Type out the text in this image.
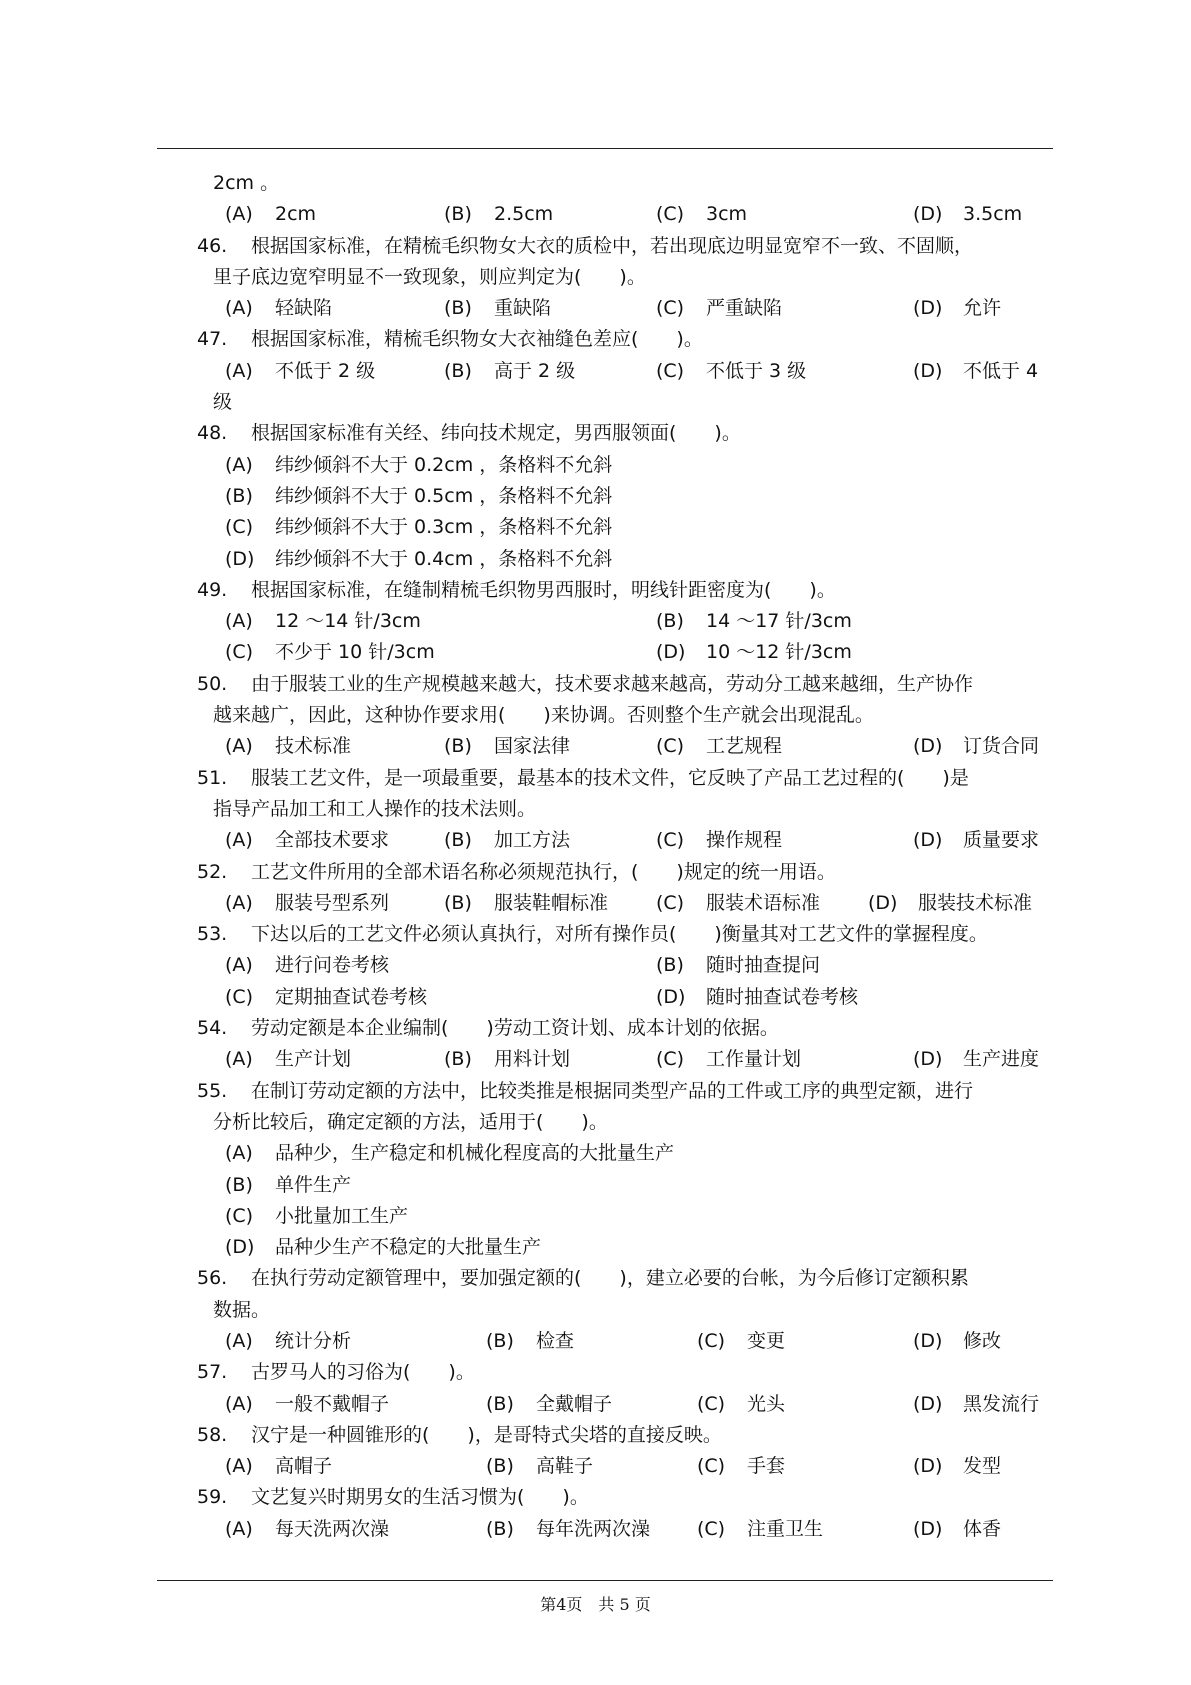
2cm 。
(A) 2cm	(B) 2.5cm	(C) 3cm	(D) 3.5cm
46. 根据国家标准，在精梳毛织物女大衣的质检中，若出现底边明显宽窄不一致、不固顺，
里子底边宽窄明显不一致现象，则应判定为(　　)。
(A) 轻缺陷	(B) 重缺陷	(C) 严重缺陷	(D) 允许
47. 根据国家标准，精梳毛织物女大衣袖缝色差应(　　)。
(A) 不低于 2 级	(B) 高于 2 级	(C) 不低于 3 级	(D) 不低于 4
级
48. 根据国家标准有关经、纬向技术规定，男西服领面(　　)。
(A) 纬纱倾斜不大于 0.2cm ，条格料不允斜
(B) 纬纱倾斜不大于 0.5cm ，条格料不允斜
(C) 纬纱倾斜不大于 0.3cm ，条格料不允斜
(D) 纬纱倾斜不大于 0.4cm ，条格料不允斜
49. 根据国家标准，在缝制精梳毛织物男西服时，明线针距密度为(　　)。
(A) 12 ～14 针/3cm	(B) 14 ～17 针/3cm
(C) 不少于 10 针/3cm	(D) 10 ～12 针/3cm
50. 由于服装工业的生产规模越来越大，技术要求越来越高，劳动分工越来越细，生产协作
越来越广，因此，这种协作要求用(　　)来协调。否则整个生产就会出现混乱。
(A) 技术标准	(B) 国家法律	(C) 工艺规程	(D) 订货合同
51. 服装工艺文件，是一项最重要，最基本的技术文件，它反映了产品工艺过程的(　　)是
指导产品加工和工人操作的技术法则。
(A) 全部技术要求	(B) 加工方法	(C) 操作规程	(D) 质量要求
52. 工艺文件所用的全部术语名称必须规范执行，(　　)规定的统一用语。
(A) 服装号型系列	(B) 服装鞋帽标准	(C) 服装术语标准	(D) 服装技术标准
53. 下达以后的工艺文件必须认真执行，对所有操作员(　　)衡量其对工艺文件的掌握程度。
(A) 进行问卷考核	(B) 随时抽查提问
(C) 定期抽查试卷考核	(D) 随时抽查试卷考核
54. 劳动定额是本企业编制(　　)劳动工资计划、成本计划的依据。
(A) 生产计划	(B) 用料计划	(C) 工作量计划	(D) 生产进度
55. 在制订劳动定额的方法中，比较类推是根据同类型产品的工件或工序的典型定额，进行
分析比较后，确定定额的方法，适用于(　　)。
(A) 品种少，生产稳定和机械化程度高的大批量生产
(B) 单件生产
(C) 小批量加工生产
(D) 品种少生产不稳定的大批量生产
56. 在执行劳动定额管理中，要加强定额的(　　)，建立必要的台帐，为今后修订定额积累
数据。
(A) 统计分析	(B) 检查	(C) 变更	(D) 修改
57. 古罗马人的习俗为(　　)。
(A) 一般不戴帽子	(B) 全戴帽子	(C) 光头	(D) 黑发流行
58. 汉宁是一种圆锥形的(　　)，是哥特式尖塔的直接反映。
(A) 高帽子	(B) 高鞋子	(C) 手套	(D) 发型
59. 文艺复兴时期男女的生活习惯为(　　)。
(A) 每天洗两次澡	(B) 每年洗两次澡 (C) 注重卫生	(D) 体香
第4页　共 5 页
